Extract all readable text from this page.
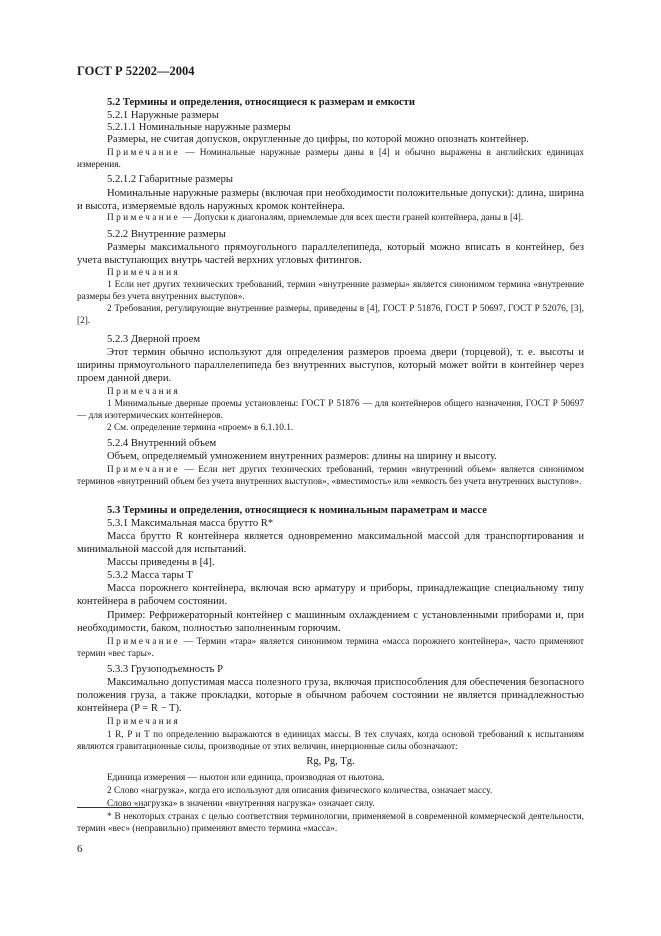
ГОСТ Р 52202—2004
5.2 Термины и определения, относящиеся к размерам и емкости
5.2.1 Наружные размеры
5.2.1.1 Номинальные наружные размеры

Размеры, не считая допусков, округленные до цифры, по которой можно опознать контейнер.

Примечание — Номинальные наружные размеры даны в [4] и обычно выражены в английских единицах измерения.

5.2.1.2 Габаритные размеры

Номинальные наружные размеры (включая при необходимости положительные допуски): длина, ширина и высота, измеряемые вдоль наружных кромок контейнера.

Примечание — Допуски к диагоналям, приемлемые для всех шести граней контейнера, даны в [4].

5.2.2 Внутренние размеры

Размеры максимального прямоугольного параллелепипеда, который можно вписать в контейнер, без учета выступающих внутрь частей верхних угловых фитингов.

Примечания

1 Если нет других технических требований, термин «внутренние размеры» является синонимом термина «внутренние размеры без учета внутренних выступов».

2 Требования, регулирующие внутренние размеры, приведены в [4], ГОСТ Р 51876, ГОСТ Р 50697, ГОСТ Р 52076, [3], [2].

5.2.3 Дверной проем

Этот термин обычно используют для определения размеров проема двери (торцевой), т. е. высоты и ширины прямоугольного параллелепипеда без внутренних выступов, который может войти в контейнер через проем данной двери.

Примечания

1 Минимальные дверные проемы установлены: ГОСТ Р 51876 — для контейнеров общего назначения, ГОСТ Р 50697 — для изотермических контейнеров.

2 См. определение термина «проем» в 6.1.10.1.

5.2.4 Внутренний объем

Объем, определяемый умножением внутренних размеров: длины на ширину и высоту.

Примечание — Если нет других технических требований, термин «внутренний объем» является синонимом терминов «внутренний объем без учета внутренних выступов», «вместимость» или «емкость без учета внутренних выступов».

5.3 Термины и определения, относящиеся к номинальным параметрам и массе
5.3.1 Максимальная масса брутто R*

Масса брутто R контейнера является одновременно максимальной массой для транспортирования и минимальной массой для испытаний.

Массы приведены в [4].
5.3.2 Масса тары T

Масса порожнего контейнера, включая всю арматуру и приборы, принадлежащие специальному типу контейнера в рабочем состоянии.

Пример: Рефрижераторный контейнер с машинным охлаждением с установленными приборами и, при необходимости, баком, полностью заполненным горючим.

Примечание — Термин «тара» является синонимом термина «масса порожнего контейнера», часто применяют термин «вес тары».

5.3.3 Грузоподъемность P

Максимально допустимая масса полезного груза, включая приспособления для обеспечения безопасного положения груза, а также прокладки, которые в обычном рабочем состоянии не является принадлежностью контейнера (P = R − T).

Примечания

1 R, P и T по определению выражаются в единицах массы. В тех случаях, когда основой требований к испытаниям являются гравитационные силы, производные от этих величин, инерционные силы обозначают:

Rg, Pg, Tg.

Единица измерения — ньютон или единица, производная от ньютона.

2 Слово «нагрузка», когда его используют для описания физического количества, означает массу.

Слово «нагрузка» в значении «внутренняя нагрузка» означает силу.

* В некоторых странах с целью соответствия терминологии, применяемой в современной коммерческой деятельности, термин «вес» (неправильно) применяют вместо термина «масса».

6
